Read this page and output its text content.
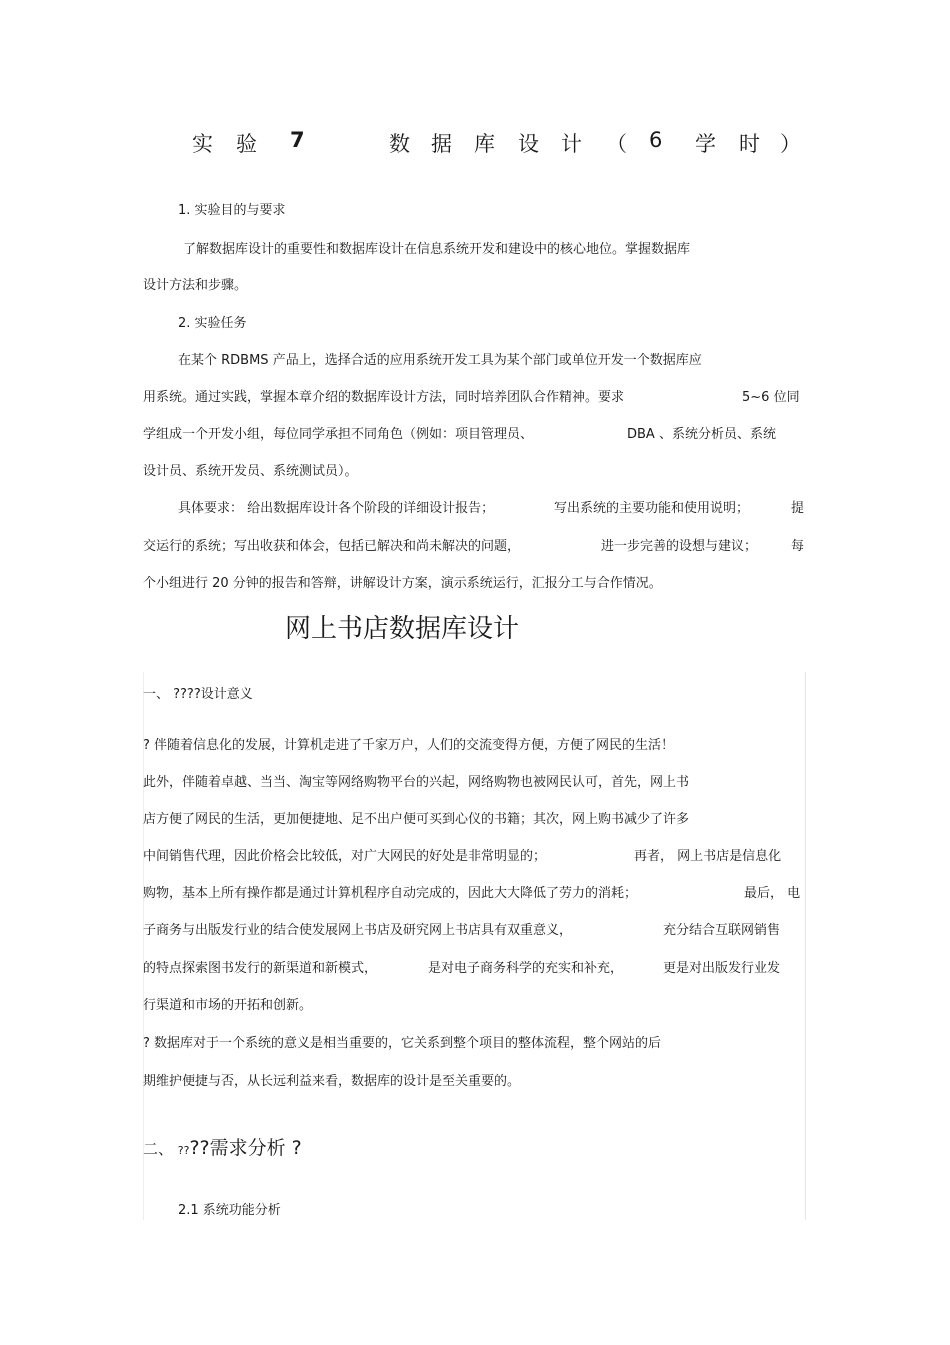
实 验 7	数 据 库 设 计 （ 6 学 时 ）
1. 实验目的与要求
了解数据库设计的重要性和数据库设计在信息系统开发和建设中的核心地位。掌握数据库
设计方法和步骤。
2. 实验任务
在某个 RDBMS 产品上，选择合适的应用系统开发工具为某个部门或单位开发一个数据库应
用系统。通过实践，掌握本章介绍的数据库设计方法，同时培养团队合作精神。要求	5~6 位同
学组成一个开发小组，每位同学承担不同角色（例如：项目管理员、	DBA 、系统分析员、系统
设计员、系统开发员、系统测试员）。
具体要求： 给出数据库设计各个阶段的详细设计报告；	写出系统的主要功能和使用说明；	提
交运行的系统；写出收获和体会，包括已解决和尚未解决的问题，	进一步完善的设想与建议；	每
个小组进行 20 分钟的报告和答辩，讲解设计方案，演示系统运行，汇报分工与合作情况。
网上书店数据库设计
一、 ????设计意义
? 伴随着信息化的发展，计算机走进了千家万户，人们的交流变得方便，方便了网民的生活！
此外，伴随着卓越、当当、淘宝等网络购物平台的兴起，网络购物也被网民认可，首先，网上书
店方便了网民的生活，更加便捷地、足不出户便可买到心仪的书籍；其次，网上购书减少了许多
中间销售代理，因此价格会比较低，对广大网民的好处是非常明显的；	再者， 网上书店是信息化
购物，基本上所有操作都是通过计算机程序自动完成的，因此大大降低了劳力的消耗；	最后， 电
子商务与出版发行业的结合使发展网上书店及研究网上书店具有双重意义，	充分结合互联网销售
的特点探索图书发行的新渠道和新模式，	是对电子商务科学的充实和补充，	更是对出版发行业发
行渠道和市场的开拓和创新。
? 数据库对于一个系统的意义是相当重要的，它关系到整个项目的整体流程，整个网站的后
期维护便捷与否，从长远利益来看，数据库的设计是至关重要的。
二、 ????需求分析 ?
2.1 系统功能分析
